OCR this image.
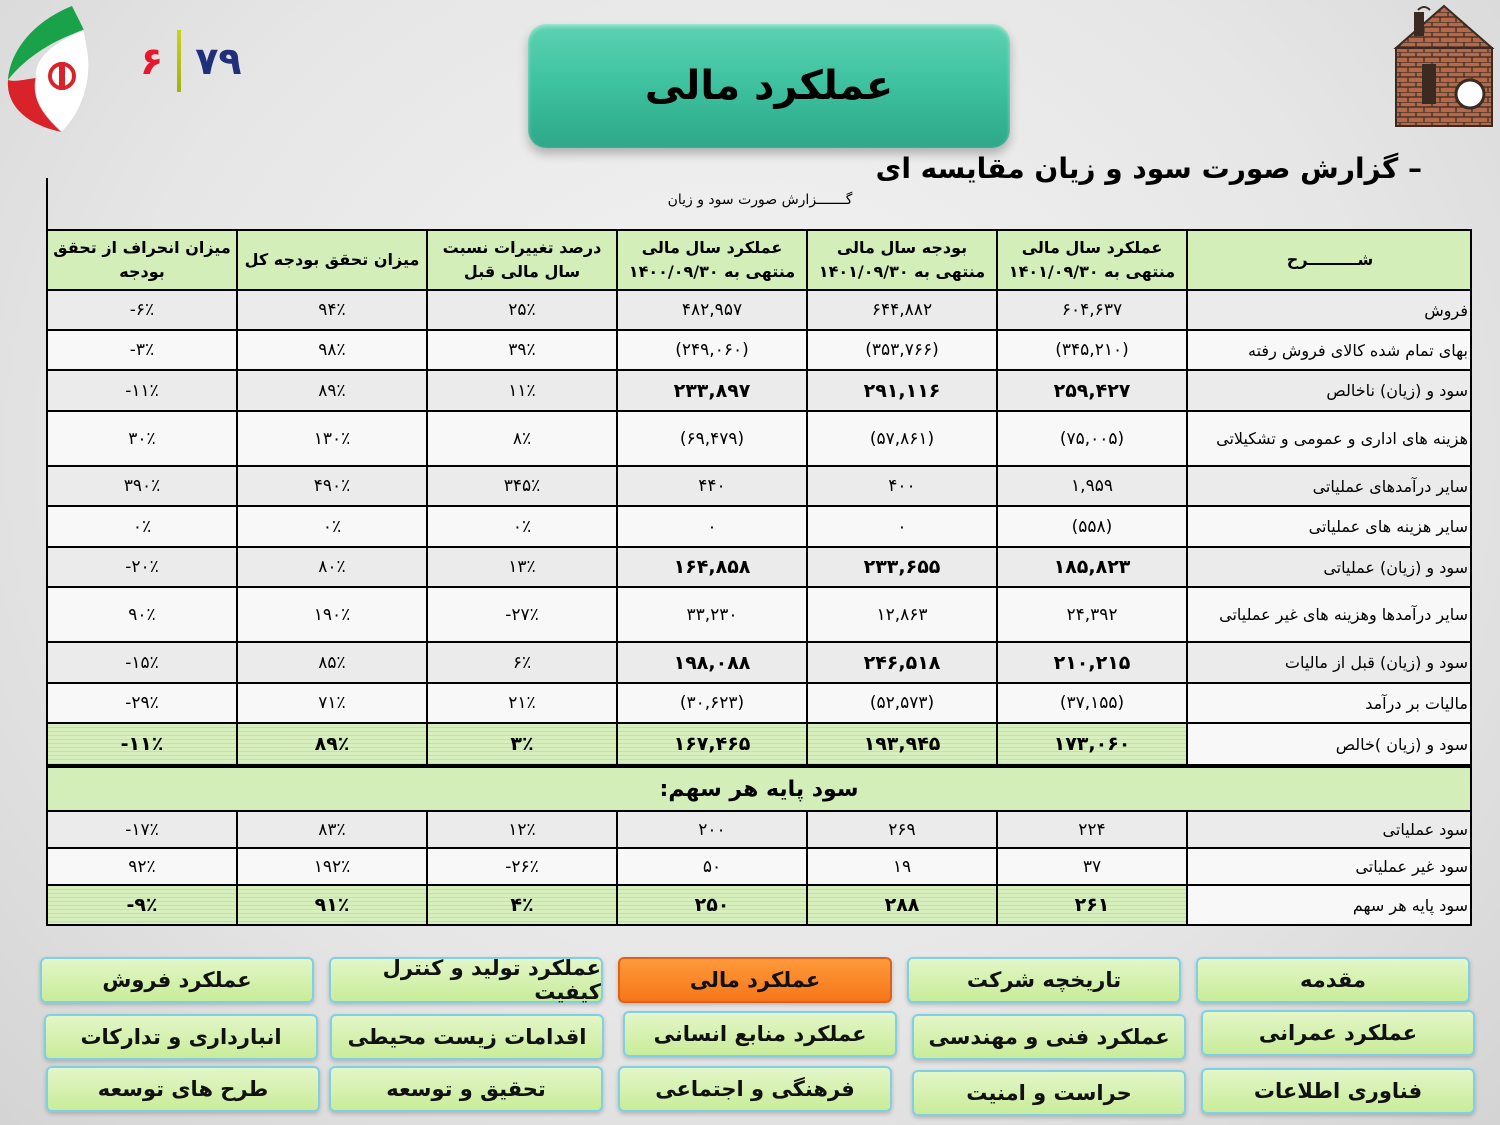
۶ ۷۹
عملکرد مالی
– گزارش صورت سود و زیان مقایسه ای
گـــــــزارش صورت سود و زیان
میزان انحراف از تحقق بودجه	میزان تحقق بودجه کل	درصد تغییرات نسبت سال مالی قبل	عملکرد سال مالی منتهی به ۱۴۰۰/۰۹/۳۰	بودجه سال مالی منتهی به ۱۴۰۱/۰۹/۳۰	عملکرد سال مالی منتهی به ۱۴۰۱/۰۹/۳۰	شـــــــــرح
-۶٪	۹۴٪	۲۵٪	۴۸۲,۹۵۷	۶۴۴,۸۸۲	۶۰۴,۶۳۷	فروش
-۳٪	۹۸٪	۳۹٪	(۲۴۹,۰۶۰)	(۳۵۳,۷۶۶)	(۳۴۵,۲۱۰)	بهای تمام شده کالای فروش رفته
-۱۱٪	۸۹٪	۱۱٪	۲۳۳,۸۹۷	۲۹۱,۱۱۶	۲۵۹,۴۲۷	سود و (زیان) ناخالص
۳۰٪	۱۳۰٪	۸٪	(۶۹,۴۷۹)	(۵۷,۸۶۱)	(۷۵,۰۰۵)	هزینه های اداری و عمومی و تشکیلاتی
۳۹۰٪	۴۹۰٪	۳۴۵٪	۴۴۰	۴۰۰	۱,۹۵۹	سایر درآمدهای عملیاتی
۰٪	۰٪	۰٪	۰	۰	(۵۵۸)	سایر هزینه های عملیاتی
-۲۰٪	۸۰٪	۱۳٪	۱۶۴,۸۵۸	۲۳۳,۶۵۵	۱۸۵,۸۲۳	سود و (زیان) عملیاتی
۹۰٪	۱۹۰٪	-۲۷٪	۳۳,۲۳۰	۱۲,۸۶۳	۲۴,۳۹۲	سایر درآمدها وهزینه های غیر عملیاتی
-۱۵٪	۸۵٪	۶٪	۱۹۸,۰۸۸	۲۴۶,۵۱۸	۲۱۰,۲۱۵	سود و (زیان) قبل از مالیات
-۲۹٪	۷۱٪	۲۱٪	(۳۰,۶۲۳)	(۵۲,۵۷۳)	(۳۷,۱۵۵)	مالیات بر درآمد
-۱۱٪	۸۹٪	۳٪	۱۶۷,۴۶۵	۱۹۳,۹۴۵	۱۷۳,۰۶۰	سود و (زیان )خالص
سود پایه هر سهم:						
-۱۷٪	۸۳٪	۱۲٪	۲۰۰	۲۶۹	۲۲۴	سود عملیاتی
۹۲٪	۱۹۲٪	-۲۶٪	۵۰	۱۹	۳۷	سود غیر عملیاتی
-۹٪	۹۱٪	۴٪	۲۵۰	۲۸۸	۲۶۱	سود پایه هر سهم
مقدمه
تاریخچه شرکت
عملکرد مالی
عملکرد تولید و کنترل کیفیت
عملکرد فروش
عملکرد عمرانی
عملکرد فنی و مهندسی
عملکرد منابع انسانی
اقدامات زیست محیطی
انبارداری و تدارکات
فناوری اطلاعات
حراست و امنیت
فرهنگی و اجتماعی
تحقیق و توسعه
طرح های توسعه
